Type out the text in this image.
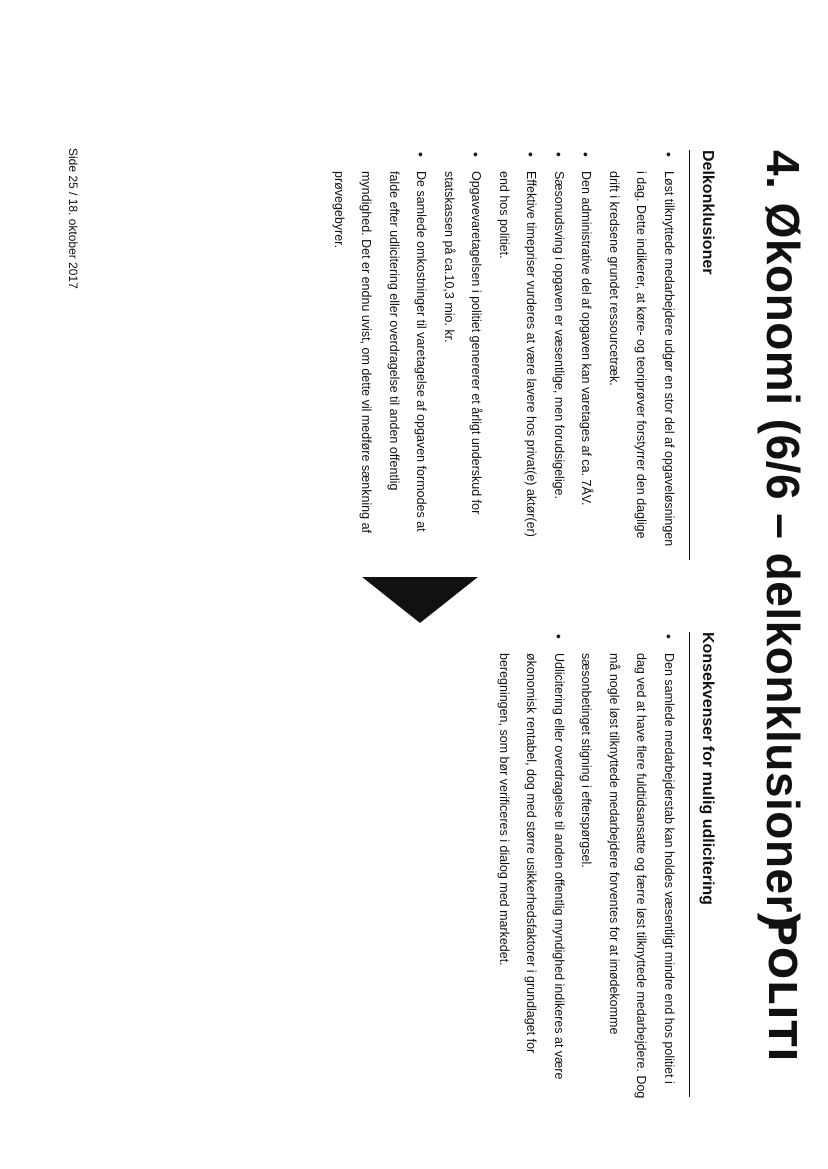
4. Økonomi (6/6 – delkonklusioner)
Delkonklusioner
• Løst tilknyttede medarbejdere udgør en stor del af opgaveløsningen i dag. Dette indikerer, at køre- og teoriprøver forstyrrer den daglige drift i kredsene grundet ressourcetræk.
• Den administrative del af opgaven kan varetages af ca. 7ÅV.
• Sæsonudsving i opgaven er væsentlige, men forudsigelige.
• Effektive timepriser vurderes at være lavere hos privat(e) aktør(er) end hos politiet.
• Opgavevaretagelsen i politiet genererer et årligt underskud for statskassen på ca.10,3 mio. kr.
• De samlede omkostninger til varetagelse af opgaven formodes at falde efter udlicitering eller overdragelse til anden offentlig myndighed. Det er endnu uvist, om dette vil medføre sænkning af prøvegebyrer.
Konsekvenser for mulig udlicitering
• Den samlede medarbejderstab kan holdes væsentligt mindre end hos politiet i dag ved at have flere fuldtidsansatte og færre løst tilknyttede medarbejdere. Dog må nogle løst tilknyttede medarbejdere forventes for at imødekomme sæsonbetinget stigning i efterspørgsel.
• Udlicitering eller overdragelse til anden offentlig myndighed indikeres at være økonomisk rentabel, dog med større usikkerhedsfaktorer i grundlaget for beregningen, som bør verificeres i dialog med markedet.
POLITI
Side 25 / 18. oktober 2017
